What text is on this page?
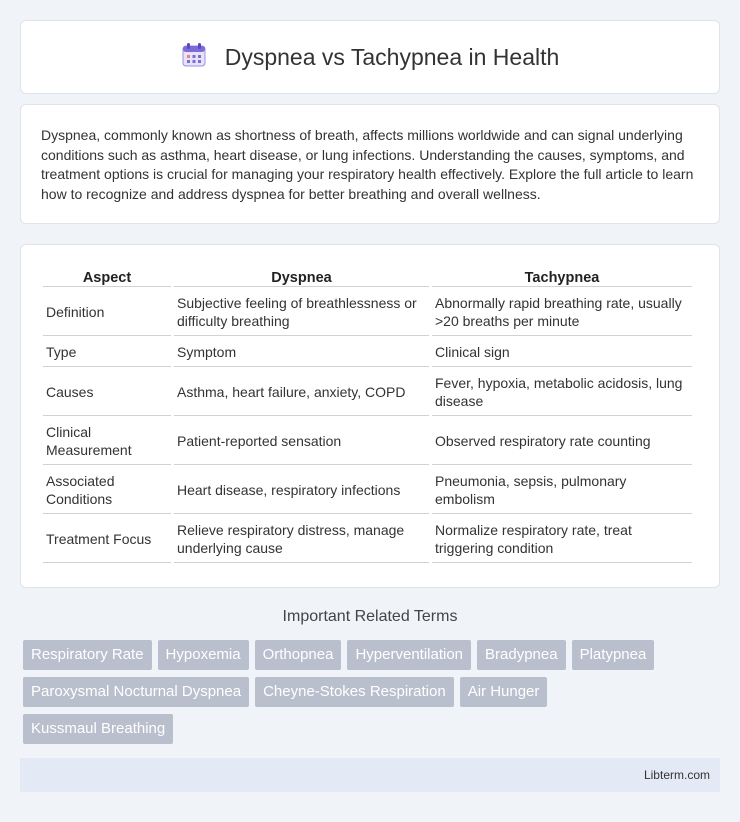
Dyspnea vs Tachypnea in Health

Dyspnea, commonly known as shortness of breath, affects millions worldwide and can signal underlying conditions such as asthma, heart disease, or lung infections. Understanding the causes, symptoms, and treatment options is crucial for managing your respiratory health effectively. Explore the full article to learn how to recognize and address dyspnea for better breathing and overall wellness.

Aspect	Dyspnea	Tachypnea
Definition	Subjective feeling of breathlessness or difficulty breathing	Abnormally rapid breathing rate, usually >20 breaths per minute
Type	Symptom	Clinical sign
Causes	Asthma, heart failure, anxiety, COPD	Fever, hypoxia, metabolic acidosis, lung disease
Clinical Measurement	Patient-reported sensation	Observed respiratory rate counting
Associated Conditions	Heart disease, respiratory infections	Pneumonia, sepsis, pulmonary embolism
Treatment Focus	Relieve respiratory distress, manage underlying cause	Normalize respiratory rate, treat triggering condition
Important Related Terms
Respiratory Rate	Hypoxemia	Orthopnea	Hyperventilation	Bradypnea	Platypnea
Paroxysmal Nocturnal Dyspnea	Cheyne-Stokes Respiration	Air Hunger
Kussmaul Breathing
Libterm.com
